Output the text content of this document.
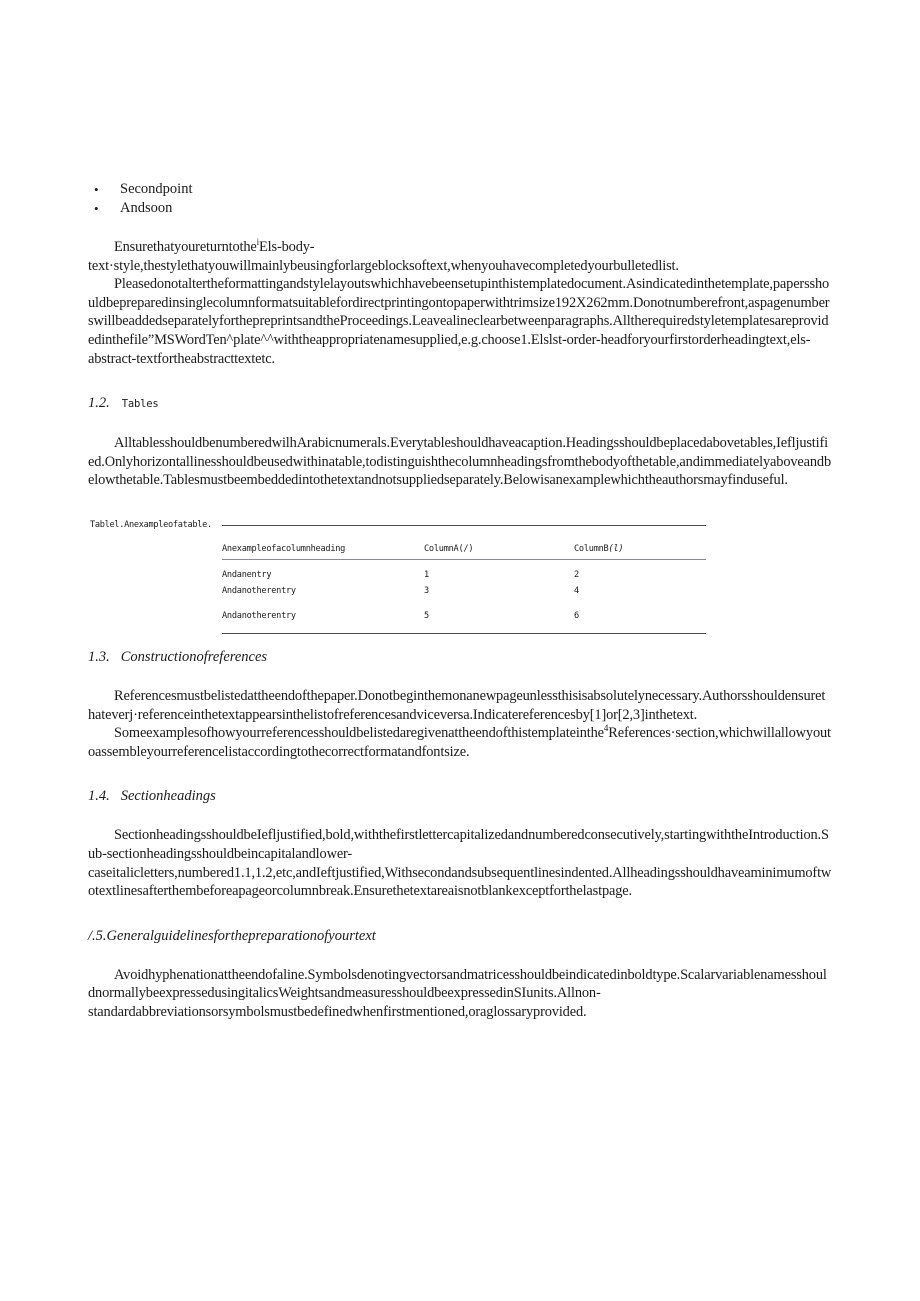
• Secondpoint
• Andsoon

Ensurethatyoureturntothe$^i$Els-body-text·style,thestylethatyouwillmainlybeusingforlargeblocksoftext,whenyouhavecompletedyourbulletedlist.

Pleasedonotaltertheformattingandstylelayoutswhichhavebeensetupinthistemplatedocument.Asindicatedinthetemplate,papersshouldbepreparedinsinglecolumnformatsuitablefordirectprintingontopaperwithtrimsize192X262mm.Donotnumberefront,aspagenumberswillbeaddedseparatelyforthepreprintsandtheProceedings.Leavealineclearbetweenparagraphs.Alltherequiredstyletemplatesareprovidedinthefile”MSWordTen^plate^^withtheappropriatenamesupplied,e.g.choose1.Elslst-order-headforyourfirstorderheadingtext,els-abstract-textfortheabstracttextetc.

1.2. Tables

AlltablesshouldbenumberedwilhArabicnumerals.Everytableshouldhaveacaption.Headingsshouldbeplacedabovetables,Iefljustified.Onlyhorizontallinesshouldbeusedwithinatable,todistinguishthecolumnheadingsfromthebodyofthetable,andimmediatelyaboveandbelowthetable.Tablesmustbeembeddedintothetextandnotsuppliedseparately.Belowisanexamplewhichtheauthorsmayfinduseful.

Tablel.Anexampleofatable.

Anexampleofacolumnheading	ColumnA(/)	ColumnB(l)
Andanentry	1	2
Andanotherentry	3	4
Andanotherentry	5	6
1.3. Constructionofreferences

Referencesmustbelistedattheendofthepaper.Donotbeginthemonanewpageunlessthisisabsolutelynecessary.Authorsshouldensurethateverj·referenceinthetextappearsinthelistofreferencesandviceversa.Indicatereferencesby[1]or[2,3]inthetext.

Someexamplesofhowyourreferencesshouldbelistedaregivenattheendofthistemplateinthe$^4$References·section,whichwillallowyoutoassembleyourreferencelistaccordingtothecorrectformatandfontsize.

1.4. Sectionheadings

SectionheadingsshouldbeIefljustified,bold,withthefirstlettercapitalizedandnumberedconsecutively,startingwiththeIntroduction.Sub-sectionheadingsshouldbeincapitalandlower-caseitalicletters,numbered1.1,1.2,etc,andIeftjustified,Withsecondandsubsequentlinesindented.Allheadingsshouldhaveaminimumoftwotextlinesafterthembeforeapageorcolumnbreak.Ensurethetextareaisnotblankexceptforthelastpage.

/.5.Generalguidelinesforthepreparationofyourtext

Avoidhyphenationattheendofaline.Symbolsdenotingvectorsandmatricesshouldbeindicatedinboldtype.ScalarvariablenamesshouldnormallybeexpressedusingitalicsWeightsandmeasuresshouldbeexpressedinSIunits.Allnon-standardabbreviationsorsymbolsmustbedefinedwhenfirstmentioned,oraglossaryprovided.
